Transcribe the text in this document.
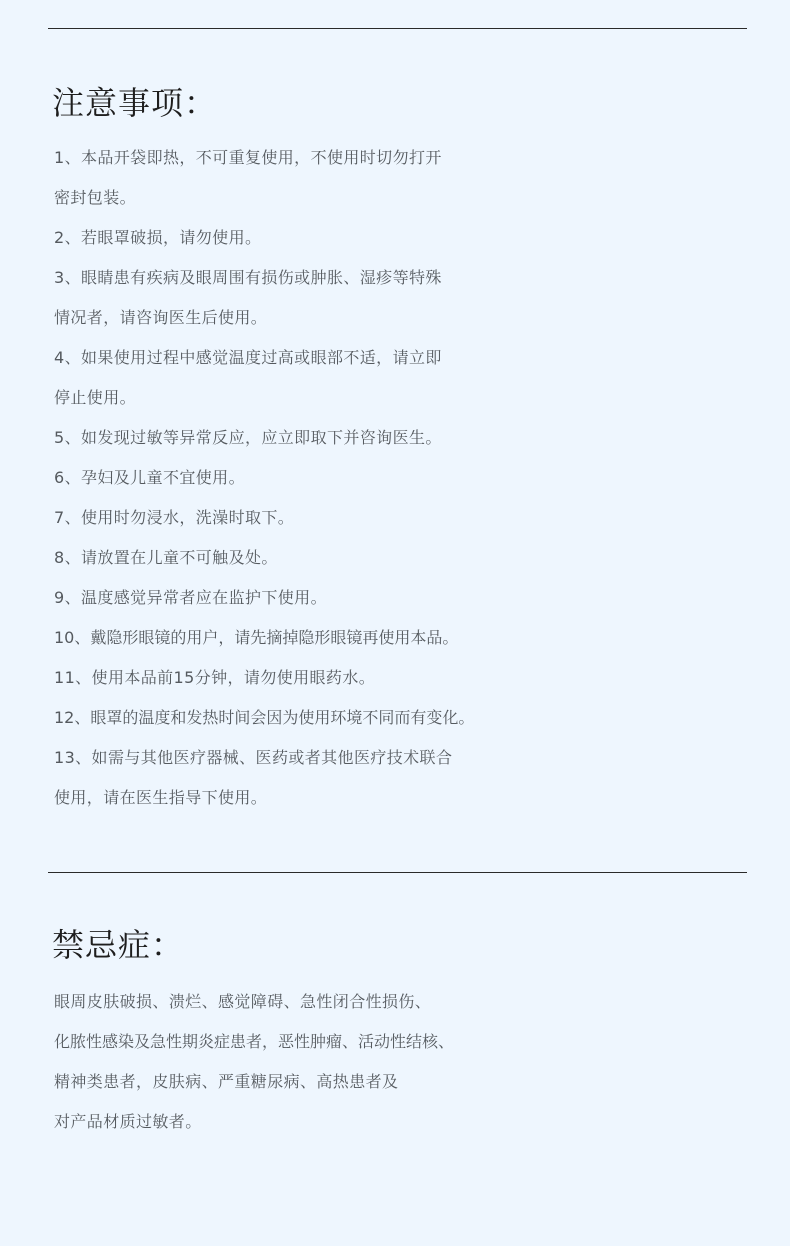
注意事项：
1、本品开袋即热，不可重复使用，不使用时切勿打开
密封包装。
2、若眼罩破损，请勿使用。
3、眼睛患有疾病及眼周围有损伤或肿胀、湿疹等特殊
情况者，请咨询医生后使用。
4、如果使用过程中感觉温度过高或眼部不适，请立即
停止使用。
5、如发现过敏等异常反应，应立即取下并咨询医生。
6、孕妇及儿童不宜使用。
7、使用时勿浸水，洗澡时取下。
8、请放置在儿童不可触及处。
9、温度感觉异常者应在监护下使用。
10、戴隐形眼镜的用户，请先摘掉隐形眼镜再使用本品。
11、使用本品前15分钟，请勿使用眼药水。
12、眼罩的温度和发热时间会因为使用环境不同而有变化。
13、如需与其他医疗器械、医药或者其他医疗技术联合
使用，请在医生指导下使用。
禁忌症：
眼周皮肤破损、溃烂、感觉障碍、急性闭合性损伤、
化脓性感染及急性期炎症患者，恶性肿瘤、活动性结核、
精神类患者，皮肤病、严重糖尿病、高热患者及
对产品材质过敏者。
